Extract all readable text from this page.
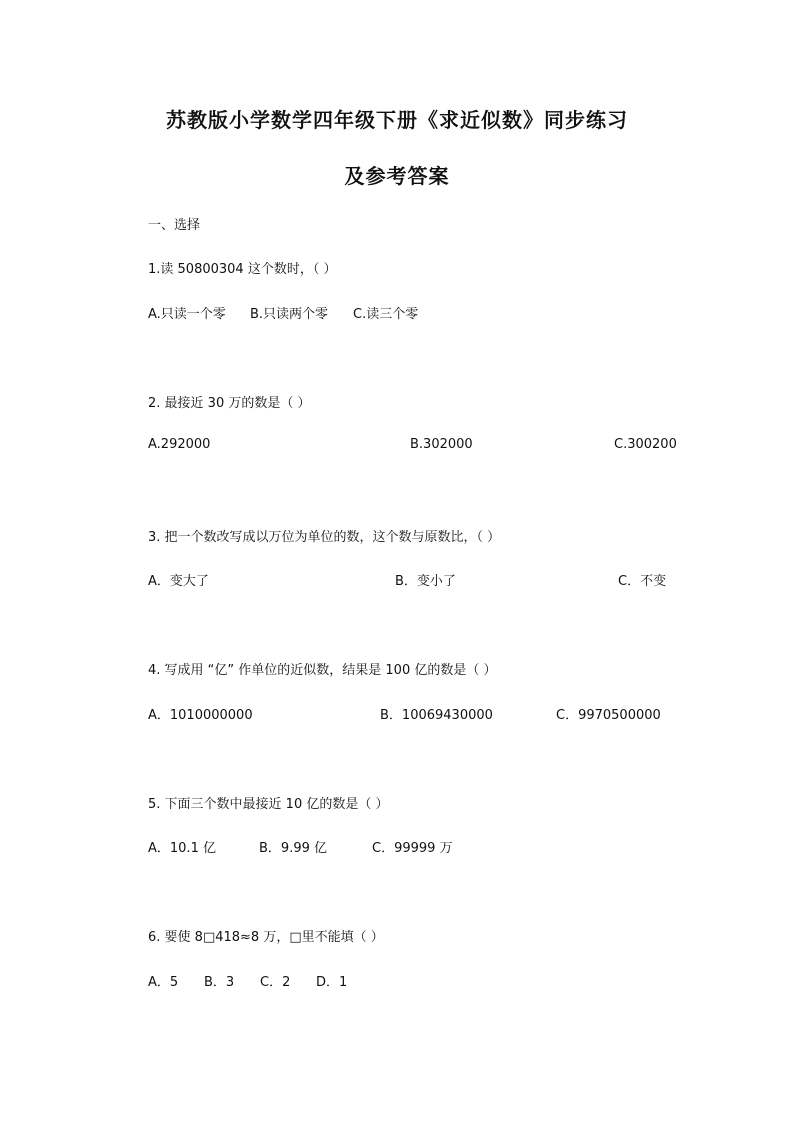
苏教版小学数学四年级下册《求近似数》同步练习
及参考答案
一、选择
1.读 50800304 这个数时，（ ）
A.只读一个零 B.只读两个零 C.读三个零
2. 最接近 30 万的数是（ ）
A.292000	B.302000	C.300200
3. 把一个数改写成以万位为单位的数，这个数与原数比，（ ）
A．变大了	B．变小了	C．不变
4. 写成用 “亿” 作单位的近似数，结果是 100 亿的数是（ ）
A．1010000000	B．10069430000	C．9970500000
5. 下面三个数中最接近 10 亿的数是（ ）
A．10.1 亿	B．9.99 亿	C．99999 万
6. 要使 8□418≈8 万，□里不能填（ ）
A．5 B．3 C．2 D．1
